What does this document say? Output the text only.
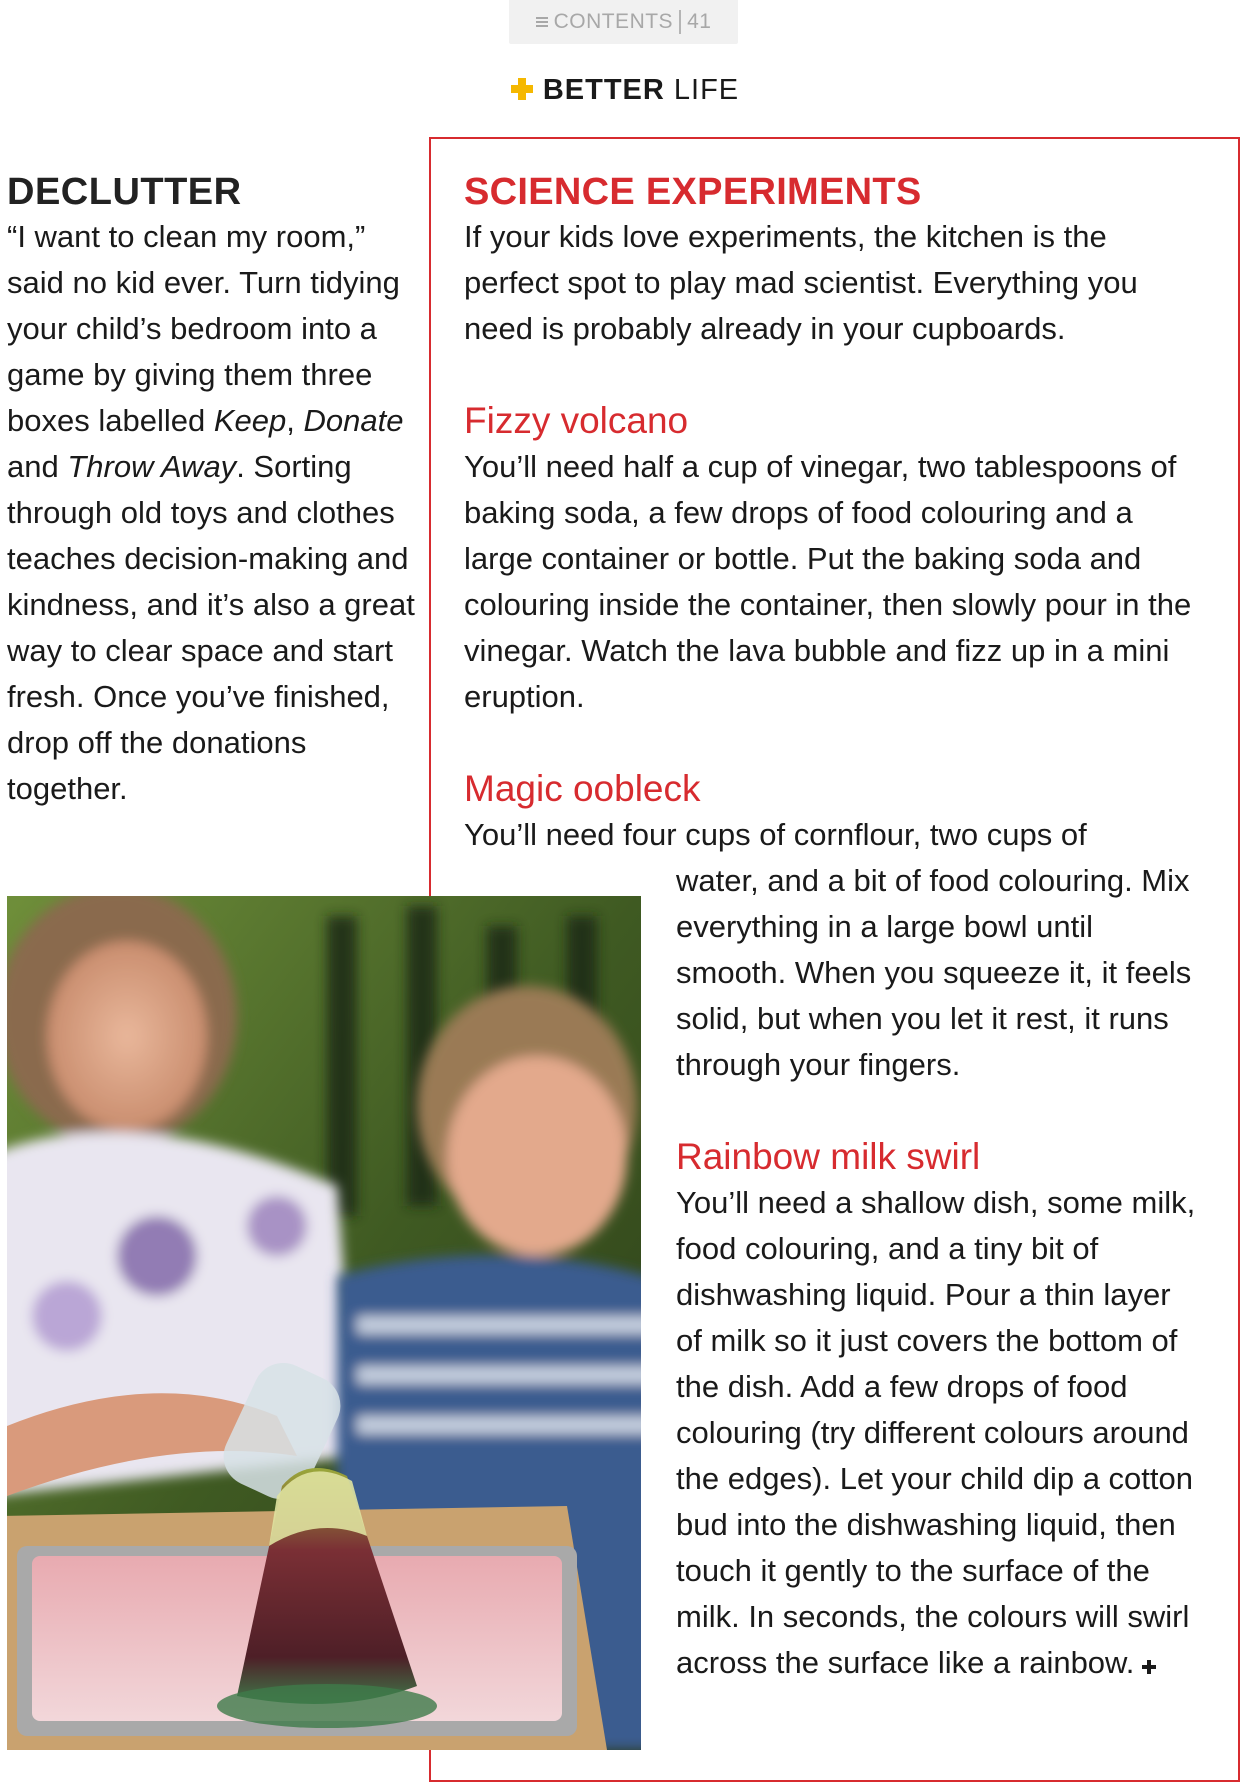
CONTENTS 41
BETTER LIFE
DECLUTTER

“I want to clean my room,” said no kid ever. Turn tidying your child’s bedroom into a game by giving them three boxes labelled Keep, Donate and Throw Away. Sorting through old toys and clothes teaches decision-making and kindness, and it’s also a great way to clear space and start fresh. Once you’ve finished, drop off the donations together.

SCIENCE EXPERIMENTS

If your kids love experiments, the kitchen is the perfect spot to play mad scientist. Everything you need is probably already in your cupboards.

Fizzy volcano

You’ll need half a cup of vinegar, two tablespoons of baking soda, a few drops of food colouring and a large container or bottle. Put the baking soda and colouring inside the container, then slowly pour in the vinegar. Watch the lava bubble and fizz up in a mini eruption.

Magic oobleck

You’ll need four cups of cornflour, two cups of

water, and a bit of food colouring. Mix everything in a large bowl until smooth. When you squeeze it, it feels solid, but when you let it rest, it runs through your fingers.

Rainbow milk swirl

You’ll need a shallow dish, some milk, food colouring, and a tiny bit of dishwashing liquid. Pour a thin layer of milk so it just covers the bottom of the dish. Add a few drops of food colouring (try different colours around the edges). Let your child dip a cotton bud into the dishwashing liquid, then touch it gently to the surface of the milk. In seconds, the colours will swirl across the surface like a rainbow.
